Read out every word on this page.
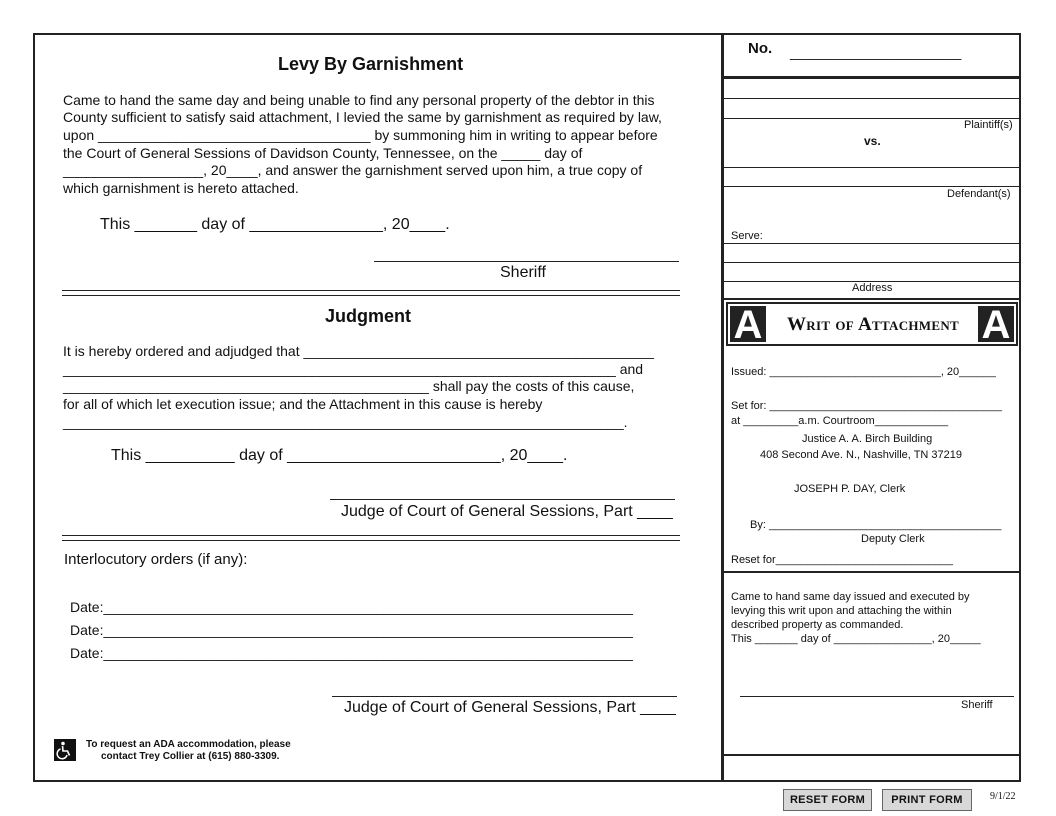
Levy By Garnishment
Came to hand the same day and being unable to find any personal property of the debtor in this
County sufficient to satisfy said attachment, I levied the same by garnishment as required by law,
upon ___________________________________ by summoning him in writing to appear before
the Court of General Sessions of Davidson County, Tennessee, on the _____ day of
__________________, 20____, and answer the garnishment served upon him, a true copy of
which garnishment is hereto attached.
This _______ day of _______________, 20____.
Sheriff
Judgment
It is hereby ordered and adjudged that _____________________________________________
_______________________________________________________________________ and
_______________________________________________ shall pay the costs of this cause,
for all of which let execution issue; and the Attachment in this cause is hereby
________________________________________________________________________.
This __________ day of ________________________, 20____.
Judge of Court of General Sessions, Part ____
Interlocutory orders (if any):
Date:____________________________________________________________________
Date:____________________________________________________________________
Date:____________________________________________________________________
Judge of Court of General Sessions, Part ____
To request an ADA accommodation, please
contact Trey Collier at (615) 880-3309.
No. ______________________
Plaintiff(s)
vs.
Defendant(s)
Serve:
Address
A	Writ of Attachment A
Issued: ____________________________, 20______
Set for: ______________________________________
at _________a.m. Courtroom____________
Justice A. A. Birch Building
408 Second Ave. N., Nashville, TN 37219
JOSEPH P. DAY, Clerk
By: ______________________________________
Deputy Clerk
Reset for_____________________________
Came to hand same day issued and executed by
levying this writ upon and attaching the within
described property as commanded.
This _______ day of ________________, 20_____
Sheriff
RESET FORM	PRINT FORM	9/1/22
